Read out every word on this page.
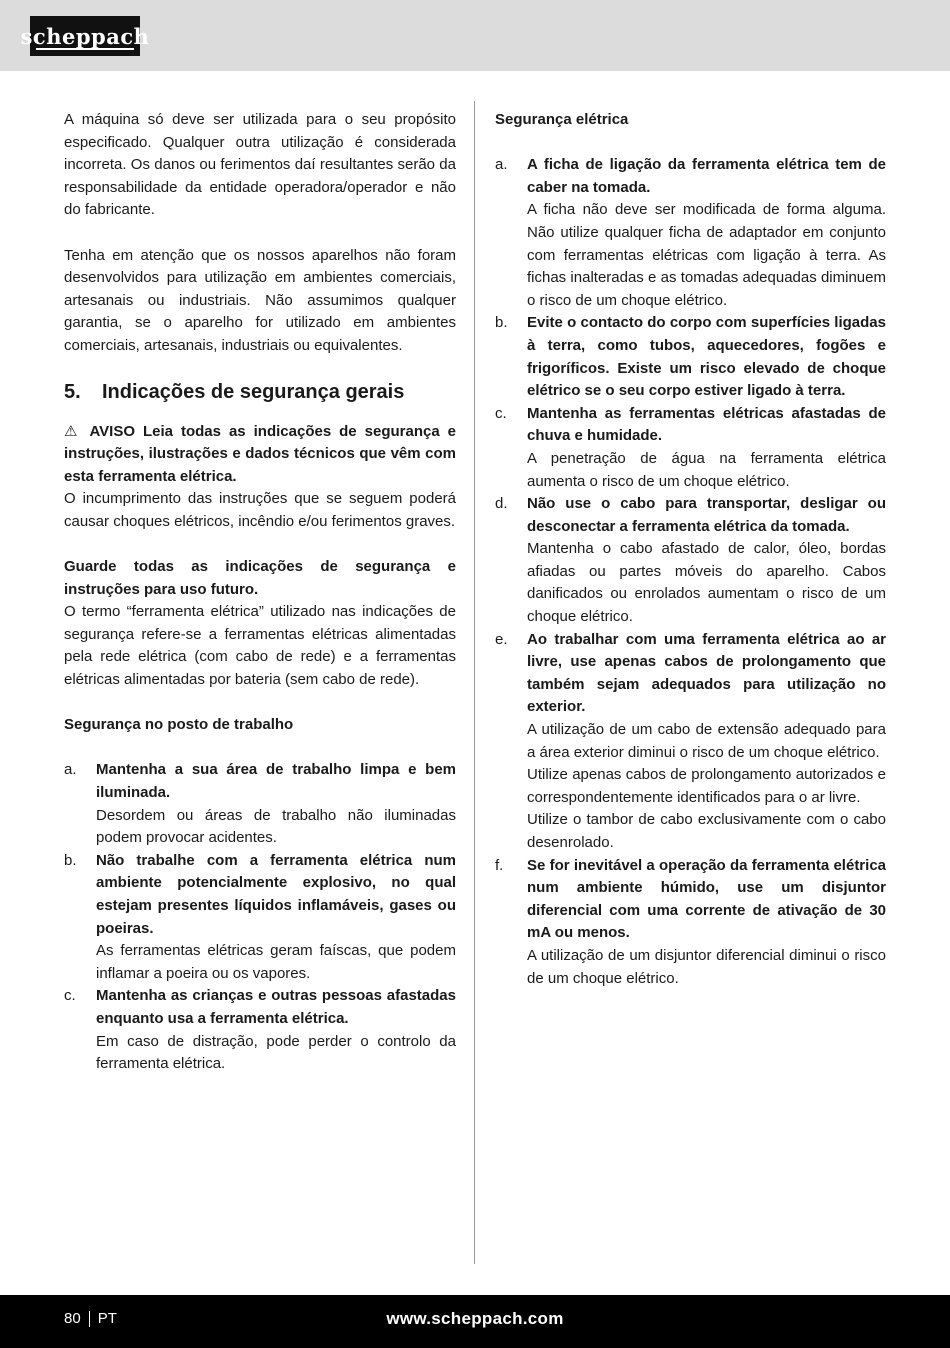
scheppach

A máquina só deve ser utilizada para o seu propósito especificado. Qualquer outra utilização é considerada incorreta. Os danos ou ferimentos daí resultantes serão da responsabilidade da entidade operadora/operador e não do fabricante.

Tenha em atenção que os nossos aparelhos não foram desenvolvidos para utilização em ambientes comerciais, artesanais ou industriais. Não assumimos qualquer garantia, se o aparelho for utilizado em ambientes comerciais, artesanais, industriais ou equivalentes.

5.	Indicações de segurança gerais

⚠ AVISO Leia todas as indicações de segurança e instruções, ilustrações e dados técnicos que vêm com esta ferramenta elétrica.

O incumprimento das instruções que se seguem poderá causar choques elétricos, incêndio e/ou ferimentos graves.

Guarde todas as indicações de segurança e instruções para uso futuro.

O termo “ferramenta elétrica” utilizado nas indicações de segurança refere-se a ferramentas elétricas alimentadas pela rede elétrica (com cabo de rede) e a ferramentas elétricas alimentadas por bateria (sem cabo de rede).

Segurança no posto de trabalho

a.	Mantenha a sua área de trabalho limpa e bem iluminada.

Desordem ou áreas de trabalho não iluminadas podem provocar acidentes.

b.	Não trabalhe com a ferramenta elétrica num ambiente potencialmente explosivo, no qual estejam presentes líquidos inflamáveis, gases ou poeiras.

As ferramentas elétricas geram faíscas, que podem inflamar a poeira ou os vapores.

c.	Mantenha as crianças e outras pessoas afastadas enquanto usa a ferramenta elétrica.

Em caso de distração, pode perder o controlo da ferramenta elétrica.

Segurança elétrica

a.	A ficha de ligação da ferramenta elétrica tem de caber na tomada.

A ficha não deve ser modificada de forma alguma. Não utilize qualquer ficha de adaptador em conjunto com ferramentas elétricas com ligação à terra. As fichas inalteradas e as tomadas adequadas diminuem o risco de um choque elétrico.

b.	Evite o contacto do corpo com superfícies ligadas à terra, como tubos, aquecedores, fogões e frigoríficos. Existe um risco elevado de choque elétrico se o seu corpo estiver ligado à terra.

c.	Mantenha as ferramentas elétricas afastadas de chuva e humidade.

A penetração de água na ferramenta elétrica aumenta o risco de um choque elétrico.

d.	Não use o cabo para transportar, desligar ou desconectar a ferramenta elétrica da tomada.

Mantenha o cabo afastado de calor, óleo, bordas afiadas ou partes móveis do aparelho. Cabos danificados ou enrolados aumentam o risco de um choque elétrico.

e.	Ao trabalhar com uma ferramenta elétrica ao ar livre, use apenas cabos de prolongamento que também sejam adequados para utilização no exterior.

A utilização de um cabo de extensão adequado para a área exterior diminui o risco de um choque elétrico.

Utilize apenas cabos de prolongamento autorizados e correspondentemente identificados para o ar livre.

Utilize o tambor de cabo exclusivamente com o cabo desenrolado.

f.	Se for inevitável a operação da ferramenta elétrica num ambiente húmido, use um disjuntor diferencial com uma corrente de ativação de 30 mA ou menos.

A utilização de um disjuntor diferencial diminui o risco de um choque elétrico.

80 PT	www.scheppach.com
